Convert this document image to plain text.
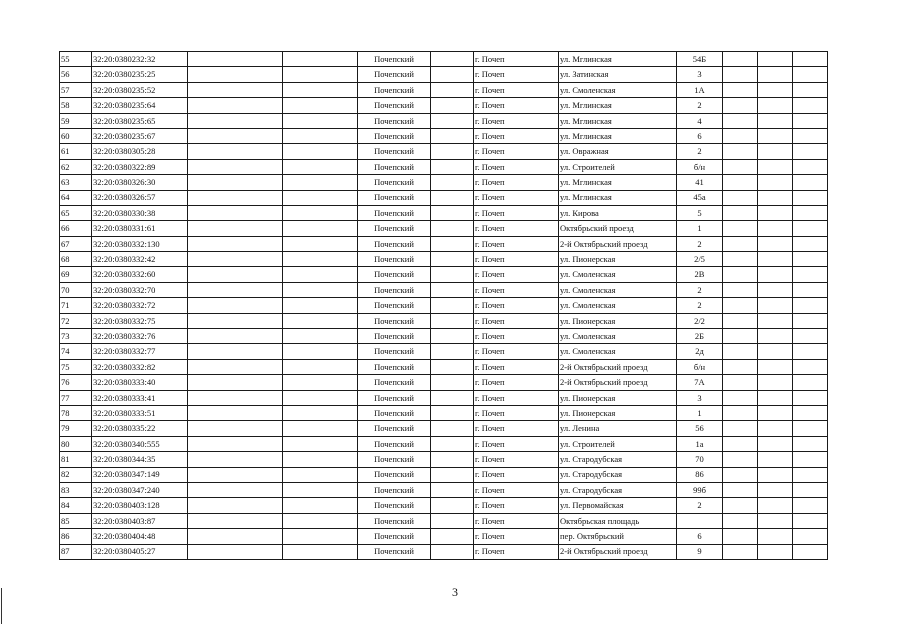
55	32:20:0380232:32			Почепский		г. Почеп	ул. Мглинская	54Б			
56	32:20:0380235:25			Почепский		г. Почеп	ул. Затинская	3			
57	32:20:0380235:52			Почепский		г. Почеп	ул. Смоленская	1А			
58	32:20:0380235:64			Почепский		г. Почеп	ул. Мглинская	2			
59	32:20:0380235:65			Почепский		г. Почеп	ул. Мглинская	4			
60	32:20:0380235:67			Почепский		г. Почеп	ул. Мглинская	6			
61	32:20:0380305:28			Почепский		г. Почеп	ул. Овражная	2			
62	32:20:0380322:89			Почепский		г. Почеп	ул. Строителей	б/н			
63	32:20:0380326:30			Почепский		г. Почеп	ул. Мглинская	41			
64	32:20:0380326:57			Почепский		г. Почеп	ул. Мглинская	45а			
65	32:20:0380330:38			Почепский		г. Почеп	ул. Кирова	5			
66	32:20:0380331:61			Почепский		г. Почеп	Октябрьский проезд	1			
67	32:20:0380332:130			Почепский		г. Почеп	2-й Октябрьский проезд	2			
68	32:20:0380332:42			Почепский		г. Почеп	ул. Пионерская	2/5			
69	32:20:0380332:60			Почепский		г. Почеп	ул. Смоленская	2В			
70	32:20:0380332:70			Почепский		г. Почеп	ул. Смоленская	2			
71	32:20:0380332:72			Почепский		г. Почеп	ул. Смоленская	2			
72	32:20:0380332:75			Почепский		г. Почеп	ул. Пионерская	2/2			
73	32:20:0380332:76			Почепский		г. Почеп	ул. Смоленская	2Б			
74	32:20:0380332:77			Почепский		г. Почеп	ул. Смоленская	2д			
75	32:20:0380332:82			Почепский		г. Почеп	2-й Октябрьский проезд	б/н			
76	32:20:0380333:40			Почепский		г. Почеп	2-й Октябрьский проезд	7А			
77	32:20:0380333:41			Почепский		г. Почеп	ул. Пионерская	3			
78	32:20:0380333:51			Почепский		г. Почеп	ул. Пионерская	1			
79	32:20:0380335:22			Почепский		г. Почеп	ул. Ленина	56			
80	32:20:0380340:555			Почепский		г. Почеп	ул. Строителей	1а			
81	32:20:0380344:35			Почепский		г. Почеп	ул. Стародубская	70			
82	32:20:0380347:149			Почепский		г. Почеп	ул. Стародубская	86			
83	32:20:0380347:240			Почепский		г. Почеп	ул. Стародубская	99б			
84	32:20:0380403:128			Почепский		г. Почеп	ул. Первомайская	2			
85	32:20:0380403:87			Почепский		г. Почеп	Октябрьская площадь				
86	32:20:0380404:48			Почепский		г. Почеп	пер. Октябрьский	6			
87	32:20:0380405:27			Почепский		г. Почеп	2-й Октябрьский проезд	9			
3
